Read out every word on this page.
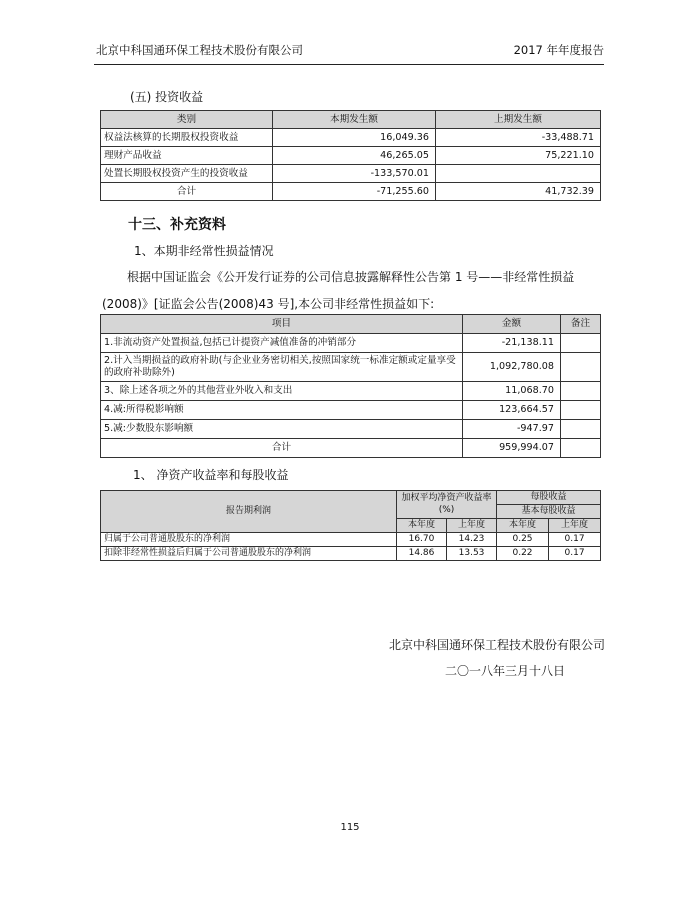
北京中科国通环保工程技术股份有限公司	2017 年年度报告
(五) 投资收益
类别	本期发生额	上期发生额
权益法核算的长期股权投资收益	16,049.36	-33,488.71
理财产品收益	46,265.05	75,221.10
处置长期股权投资产生的投资收益	-133,570.01	
合计	-71,255.60	41,732.39
十三、补充资料
1、本期非经常性损益情况
根据中国证监会《公开发行证券的公司信息披露解释性公告第 1 号——非经常性损益
(2008)》[证监会公告(2008)43 号],本公司非经常性损益如下:
项目	金额	备注
1.非流动资产处置损益,包括已计提资产减值准备的冲销部分	-21,138.11	
2.计入当期损益的政府补助(与企业业务密切相关,按照国家统一标准定额或定量享受的政府补助除外)	1,092,780.08	
3、除上述各项之外的其他营业外收入和支出	11,068.70	
4.减:所得税影响额	123,664.57	
5.减:少数股东影响额	-947.97	
合计	959,994.07	
1、 净资产收益率和每股收益
报告期利润	加权平均净资产收益率(%)		每股收益	
			基本每股收益	
	本年度	上年度	本年度	上年度
归属于公司普通股股东的净利润	16.70	14.23	0.25	0.17
扣除非经常性损益后归属于公司普通股股东的净利润	14.86	13.53	0.22	0.17
北京中科国通环保工程技术股份有限公司
二〇一八年三月十八日
115
